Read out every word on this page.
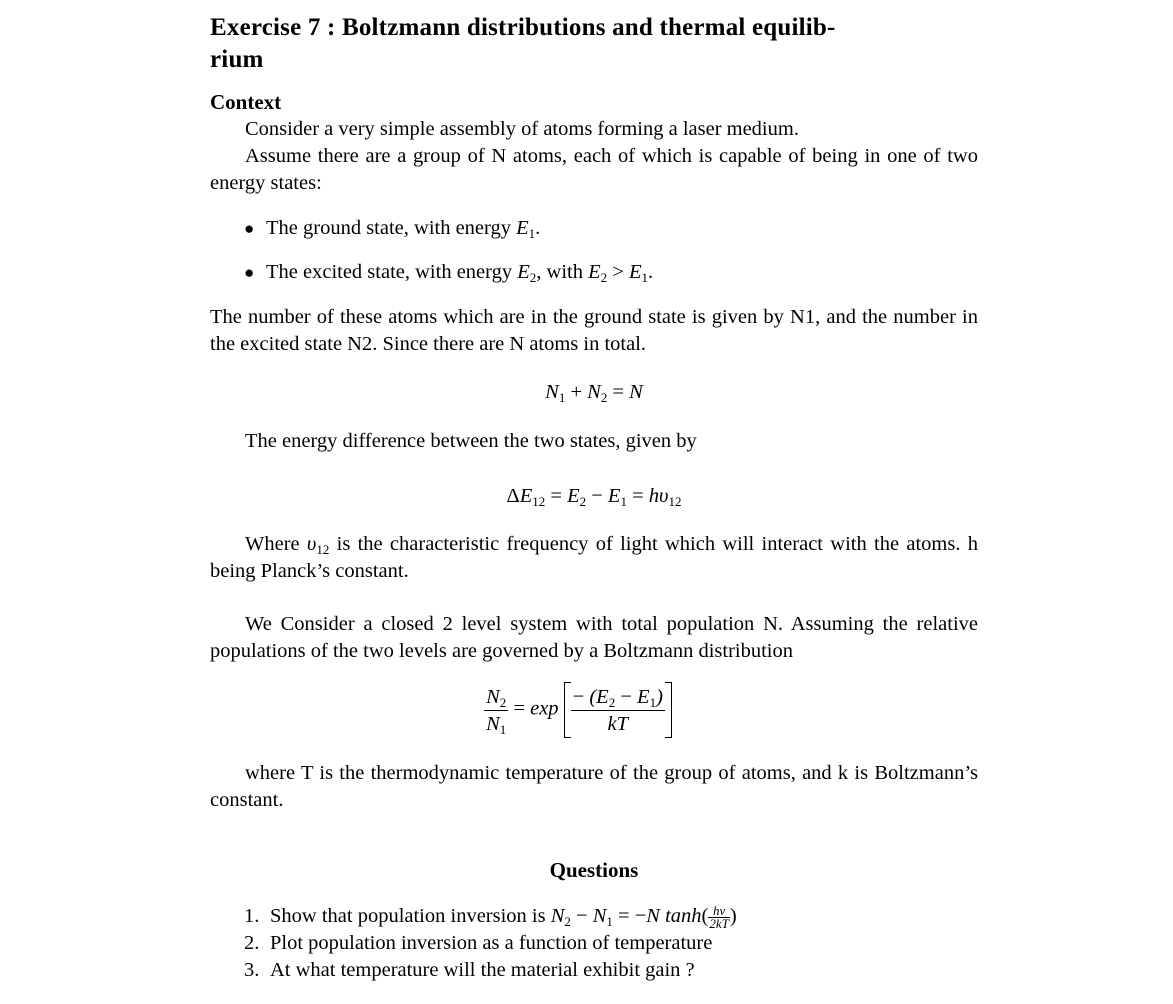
Exercise 7 : Boltzmann distributions and thermal equilib-
rium
Context
Consider a very simple assembly of atoms forming a laser medium.
Assume there are a group of N atoms, each of which is capable of being in one of two energy states:
● The ground state, with energy $E_1$.
● The excited state, with energy $E_2$, with $E_2 > E_1$.
The number of these atoms which are in the ground state is given by N1, and the number in the excited state N2. Since there are N atoms in total.
$N_1 + N_2 = N$
The energy difference between the two states, given by
$\Delta E_{12} = E_2 - E_1 = h\upsilon_{12}$
Where $\upsilon_{12}$ is the characteristic frequency of light which will interact with the atoms. h being Planck’s constant.
We Consider a closed 2 level system with total population N. Assuming the relative populations of the two levels are governed by a Boltzmann distribution
$\frac{N_2}{N_1} = \exp \frac{- (E_2 - E_1)}{kT}$
where T is the thermodynamic temperature of the group of atoms, and k is Boltzmann’s constant.
Questions
1. Show that population inversion is $N_2 - N_1 = -N$ $\tanh( \frac{h\nu}{2kT}$ )
2. Plot population inversion as a function of temperature
3. At what temperature will the material exhibit gain ?
